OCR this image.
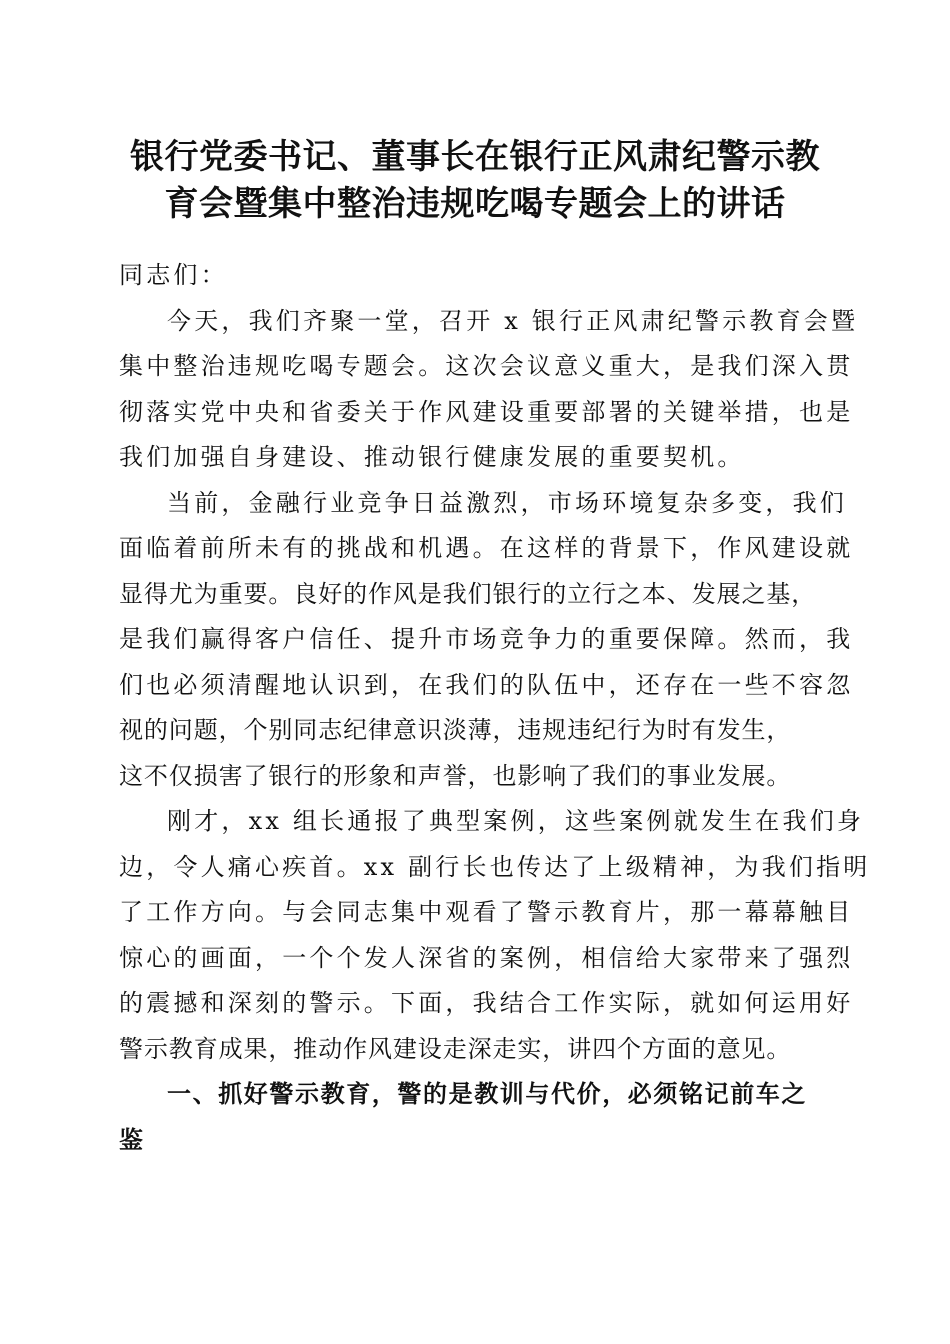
银行党委书记、董事长在银行正风肃纪警示教
育会暨集中整治违规吃喝专题会上的讲话
同志们：
今天，我们齐聚一堂，召开 x 银行正风肃纪警示教育会暨
集中整治违规吃喝专题会。这次会议意义重大，是我们深入贯
彻落实党中央和省委关于作风建设重要部署的关键举措，也是
我们加强自身建设、推动银行健康发展的重要契机。
当前，金融行业竞争日益激烈，市场环境复杂多变，我们
面临着前所未有的挑战和机遇。在这样的背景下，作风建设就
显得尤为重要。良好的作风是我们银行的立行之本、发展之基，
是我们赢得客户信任、提升市场竞争力的重要保障。然而，我
们也必须清醒地认识到，在我们的队伍中，还存在一些不容忽
视的问题，个别同志纪律意识淡薄，违规违纪行为时有发生，
这不仅损害了银行的形象和声誉，也影响了我们的事业发展。
刚才，xx 组长通报了典型案例，这些案例就发生在我们身
边，令人痛心疾首。xx 副行长也传达了上级精神，为我们指明
了工作方向。与会同志集中观看了警示教育片，那一幕幕触目
惊心的画面，一个个发人深省的案例，相信给大家带来了强烈
的震撼和深刻的警示。下面，我结合工作实际，就如何运用好
警示教育成果，推动作风建设走深走实，讲四个方面的意见。
一、抓好警示教育，警的是教训与代价，必须铭记前车之
鉴
